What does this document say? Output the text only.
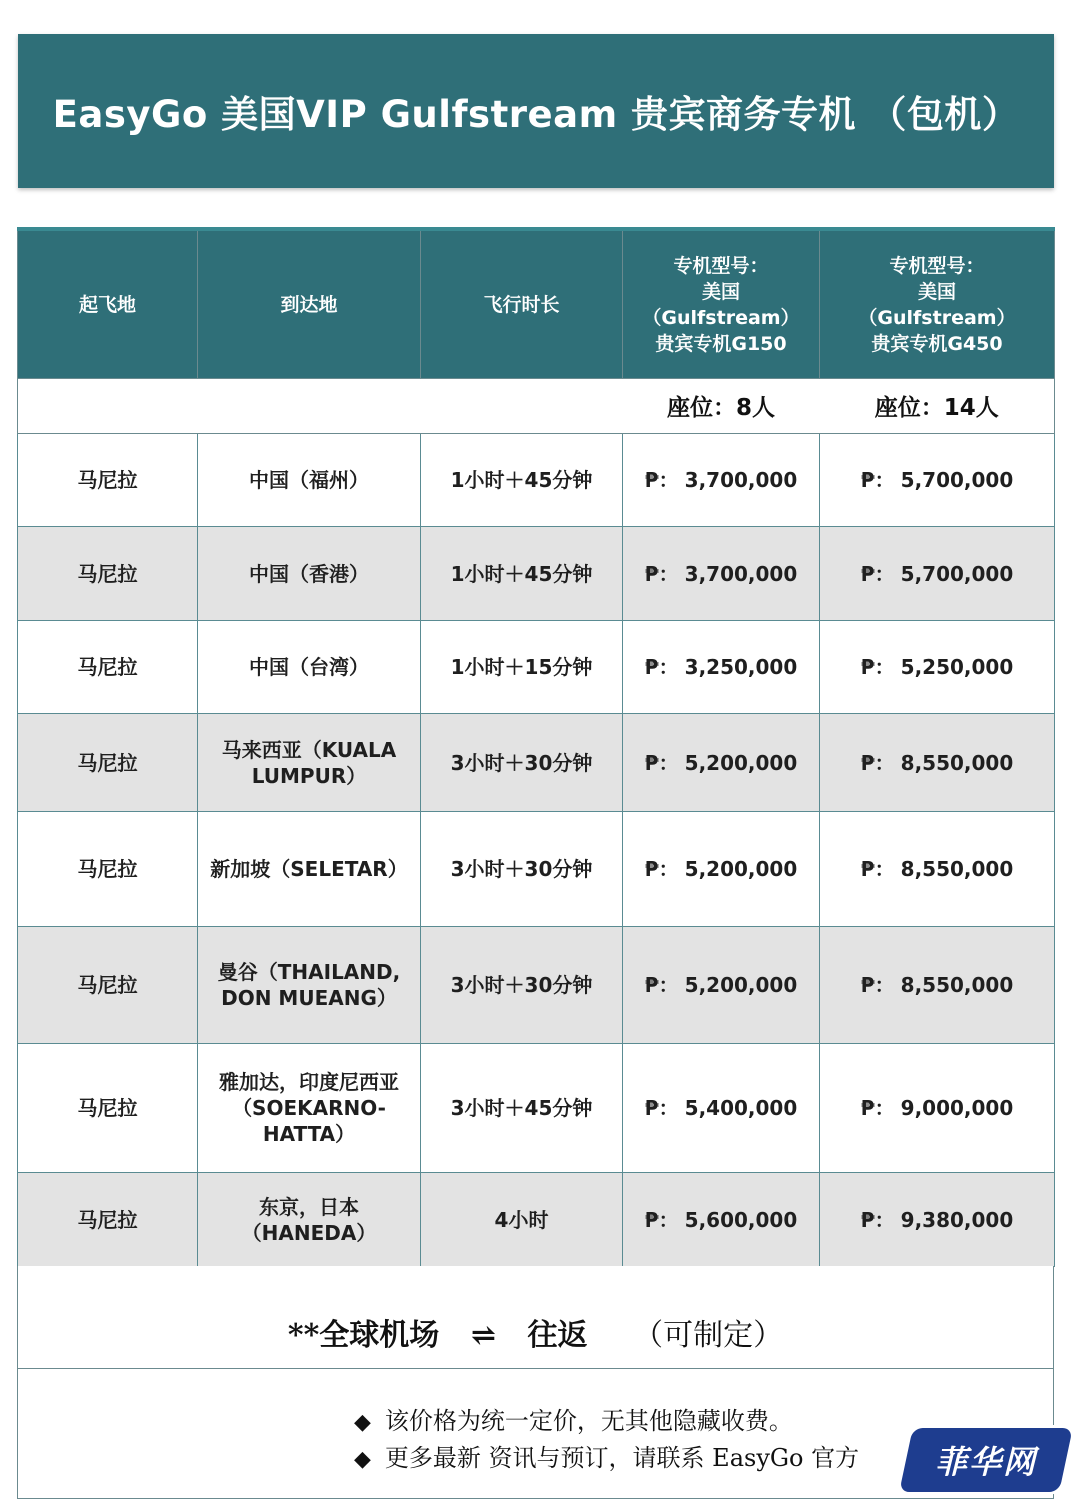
EasyGo 美国VIP Gulfstream 贵宾商务专机 （包机）
起飞地	到达地	飞行时长	专机型号：
美国
（Gulfstream）
贵宾专机G150	专机型号：
美国
（Gulfstream）
贵宾专机G450

			座位：8人	座位：14人
马尼拉	中国（福州）	1小时＋45分钟	₱： 3,700,000	₱： 5,700,000
马尼拉	中国（香港）	1小时＋45分钟	₱： 3,700,000	₱： 5,700,000
马尼拉	中国（台湾）	1小时＋15分钟	₱： 3,250,000	₱： 5,250,000
马尼拉	马来西亚（KUALA
LUMPUR）	3小时＋30分钟	₱： 5,200,000	₱： 8,550,000
马尼拉	新加坡（SELETAR）	3小时＋30分钟	₱： 5,200,000	₱： 8,550,000
马尼拉	曼谷（THAILAND,
DON MUEANG）	3小时＋30分钟	₱： 5,200,000	₱： 8,550,000
马尼拉	雅加达，印度尼西亚
（SOEKARNO-
HATTA）	3小时＋45分钟	₱： 5,400,000	₱： 9,000,000
马尼拉	东京，日本
（HANEDA）	4小时	₱： 5,600,000	₱： 9,380,000
**全球机场 ⇌ 往返 （可制定）
◆ 该价格为统一定价，无其他隐藏收费。
◆ 更多最新 资讯与预订，请联系 EasyGo 官方 菲华网
